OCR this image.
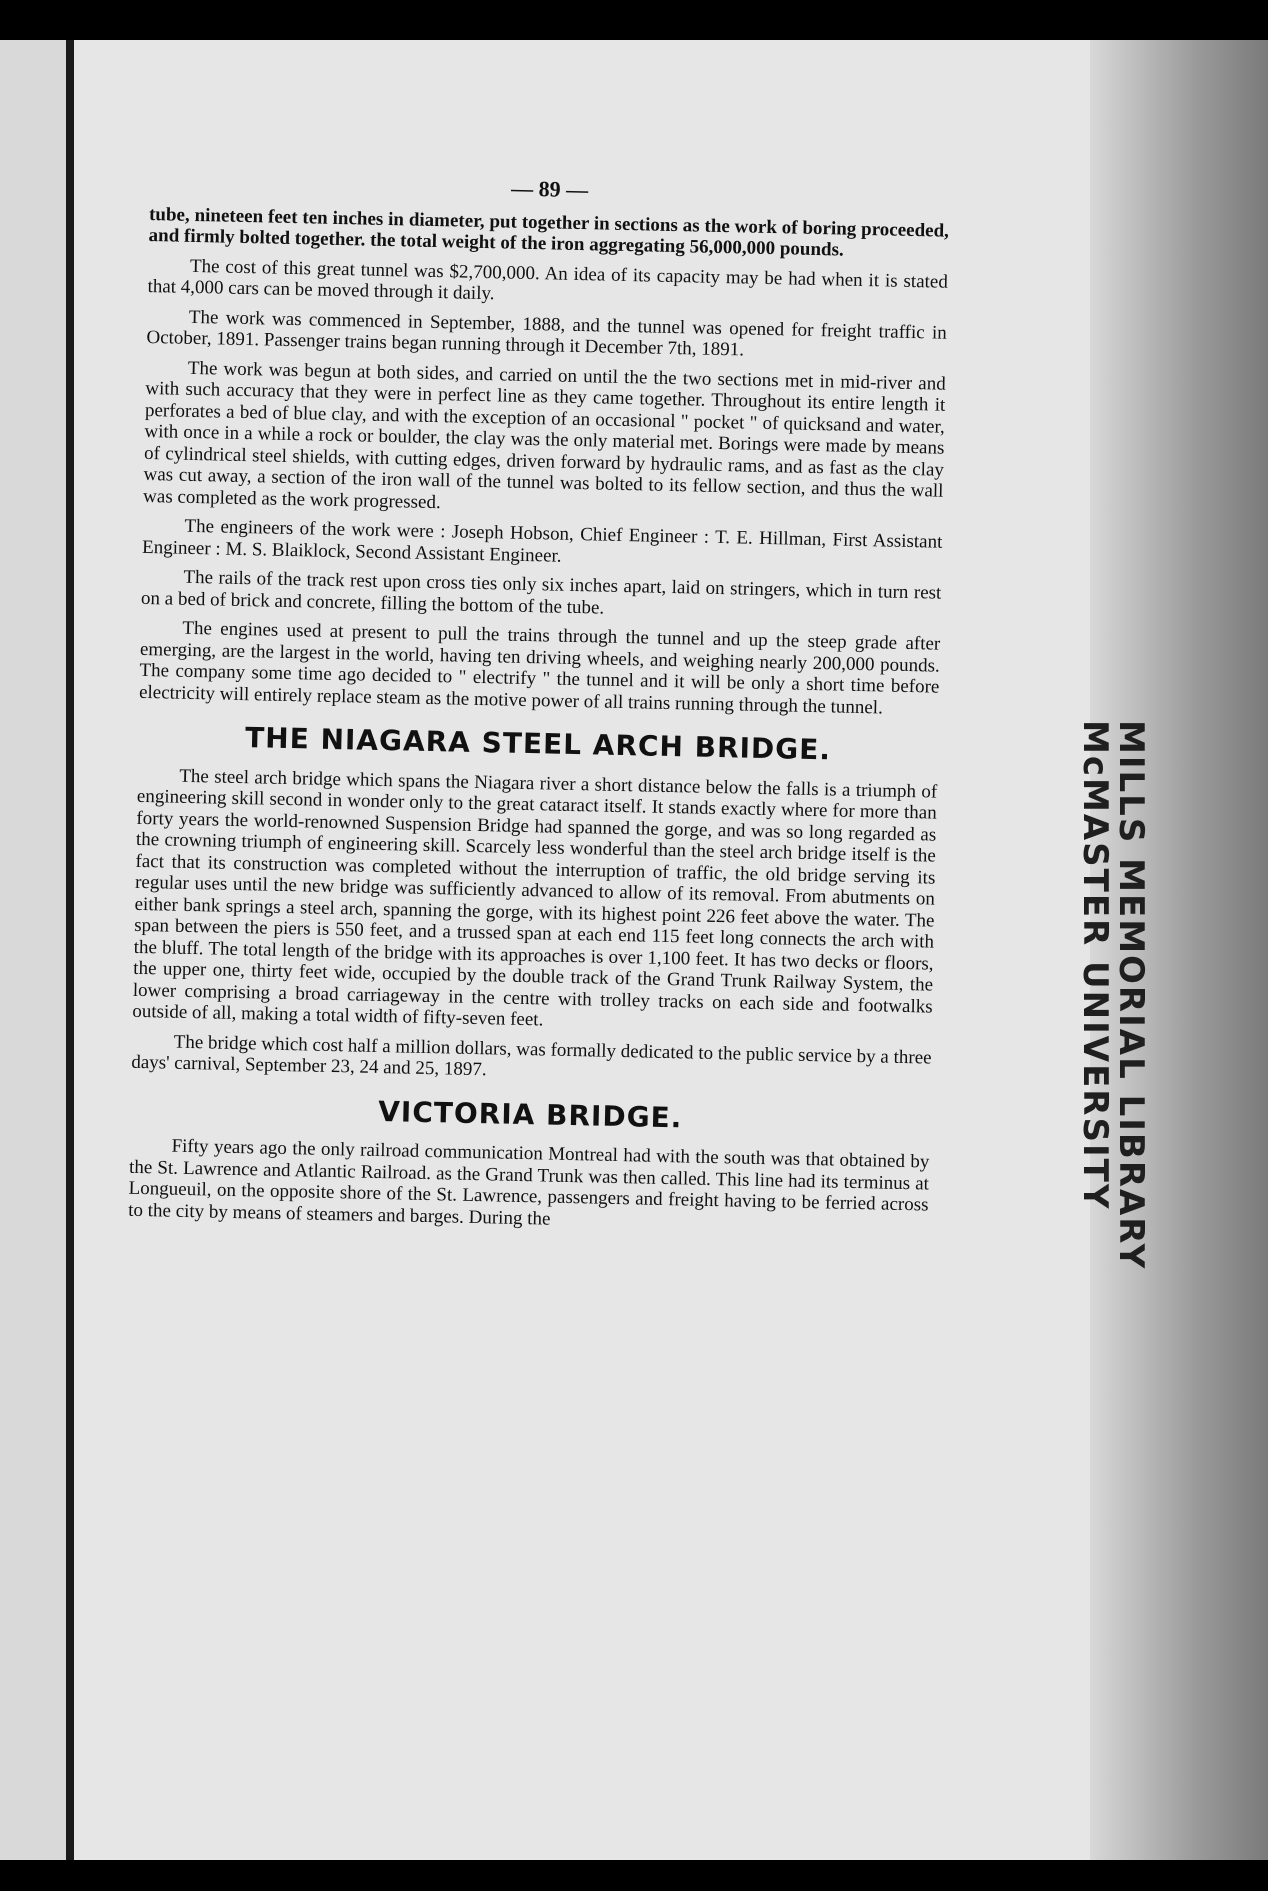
MILLS MEMORIAL LIBRARY
McMASTER UNIVERSITY
— 89 —

tube, nineteen feet ten inches in diameter, put together in sections as the work of boring proceeded, and firmly bolted together. the total weight of the iron aggregating 56,000,000 pounds.

The cost of this great tunnel was $2,700,000. An idea of its capacity may be had when it is stated that 4,000 cars can be moved through it daily.

The work was commenced in September, 1888, and the tunnel was opened for freight traffic in October, 1891. Passenger trains began running through it December 7th, 1891.

The work was begun at both sides, and carried on until the the two sections met in mid-river and with such accuracy that they were in perfect line as they came together. Throughout its entire length it perforates a bed of blue clay, and with the exception of an occasional " pocket " of quicksand and water, with once in a while a rock or boulder, the clay was the only material met. Borings were made by means of cylindrical steel shields, with cutting edges, driven forward by hydraulic rams, and as fast as the clay was cut away, a section of the iron wall of the tunnel was bolted to its fellow section, and thus the wall was completed as the work progressed.

The engineers of the work were : Joseph Hobson, Chief Engineer : T. E. Hillman, First Assistant Engineer : M. S. Blaiklock, Second Assistant Engineer.

The rails of the track rest upon cross ties only six inches apart, laid on stringers, which in turn rest on a bed of brick and concrete, filling the bottom of the tube.

The engines used at present to pull the trains through the tunnel and up the steep grade after emerging, are the largest in the world, having ten driving wheels, and weighing nearly 200,000 pounds. The company some time ago decided to " electrify " the tunnel and it will be only a short time before electricity will entirely replace steam as the motive power of all trains running through the tunnel.

THE NIAGARA STEEL ARCH BRIDGE.

The steel arch bridge which spans the Niagara river a short distance below the falls is a triumph of engineering skill second in wonder only to the great cataract itself. It stands exactly where for more than forty years the world-renowned Suspension Bridge had spanned the gorge, and was so long regarded as the crowning triumph of engineering skill. Scarcely less wonderful than the steel arch bridge itself is the fact that its construction was completed without the interruption of traffic, the old bridge serving its regular uses until the new bridge was sufficiently advanced to allow of its removal. From abutments on either bank springs a steel arch, spanning the gorge, with its highest point 226 feet above the water. The span between the piers is 550 feet, and a trussed span at each end 115 feet long connects the arch with the bluff. The total length of the bridge with its approaches is over 1,100 feet. It has two decks or floors, the upper one, thirty feet wide, occupied by the double track of the Grand Trunk Railway System, the lower comprising a broad carriageway in the centre with trolley tracks on each side and footwalks outside of all, making a total width of fifty-seven feet.

The bridge which cost half a million dollars, was formally dedicated to the public service by a three days' carnival, September 23, 24 and 25, 1897.

VICTORIA BRIDGE.

Fifty years ago the only railroad communication Montreal had with the south was that obtained by the St. Lawrence and Atlantic Railroad. as the Grand Trunk was then called. This line had its terminus at Longueuil, on the opposite shore of the St. Lawrence, passengers and freight having to be ferried across to the city by means of steamers and barges. During the
